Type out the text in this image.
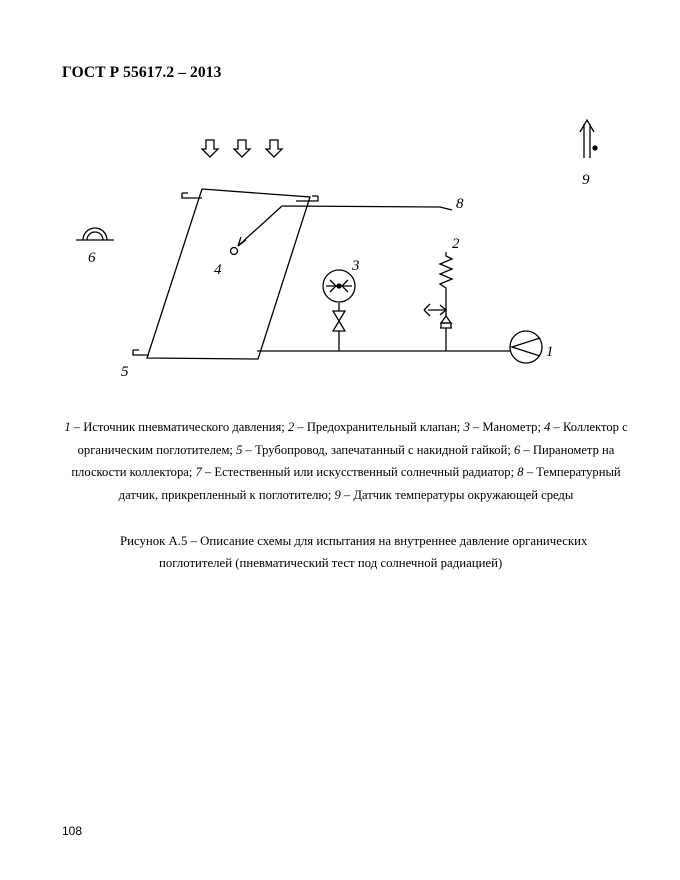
ГОСТ Р 55617.2 – 2013
1
2
3
4
5
6
8
9
1 – Источник пневматического давления; 2 – Предохранительный клапан; 3 – Манометр; 4 – Коллектор с органическим поглотителем; 5 – Трубопровод, запечатанный с накидной гайкой; 6 – Пиранометр на плоскости коллектора; 7 – Естественный или искусственный солнечный радиатор; 8 – Температурный датчик, прикрепленный к поглотителю; 9 – Датчик температуры окружающей среды
Рисунок А.5 – Описание схемы для испытания на внутреннее давление органических
поглотителей (пневматический тест под солнечной радиацией)
108
